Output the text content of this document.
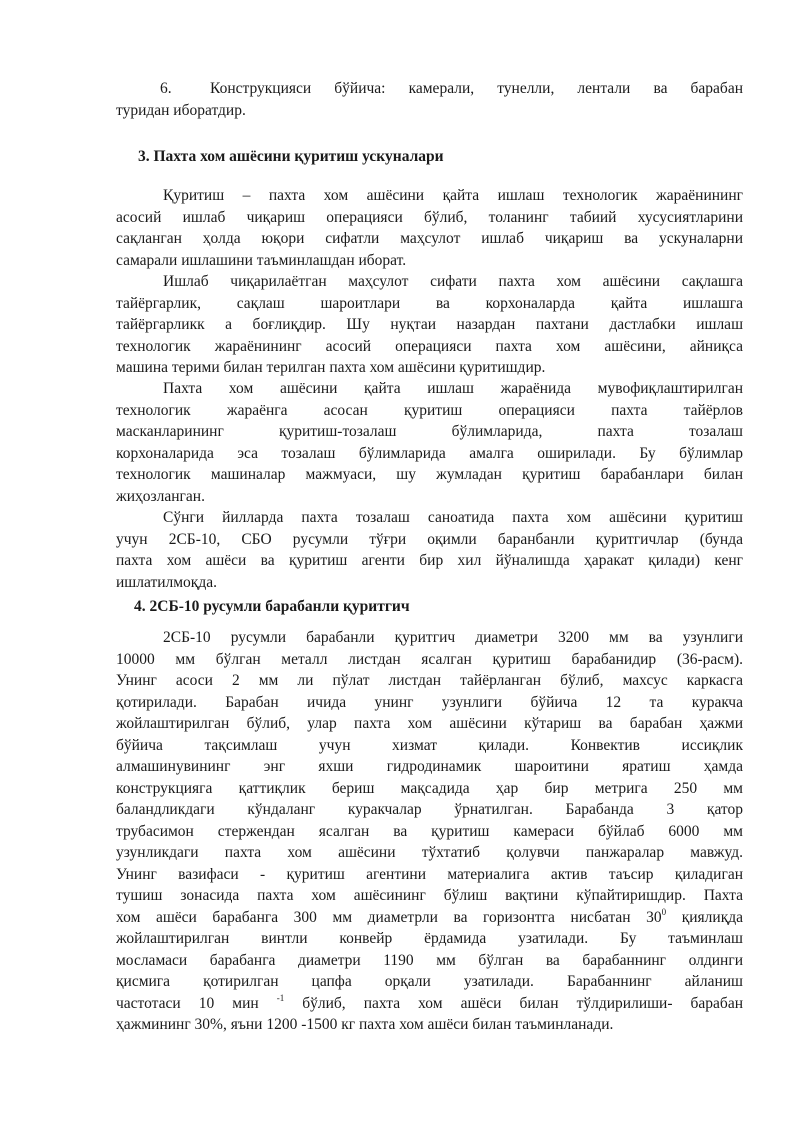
6. Конструкцияси бўйича: камерали, тунелли, лентали ва барабан
туридан иборатдир.
3. Пахта хом ашёсини қуритиш ускуналари
Қуритиш – пахта хом ашёсини қайта ишлаш технологик жараёнининг
асосий ишлаб чиқариш операцияси бўлиб, толанинг табиий хусусиятларини
сақланган ҳолда юқори сифатли маҳсулот ишлаб чиқариш ва ускуналарни
самарали ишлашини таъминлашдан иборат.
Ишлаб чиқарилаётган маҳсулот сифати пахта хом ашёсини сақлашга
тайёргарлик, сақлаш шароитлари ва корхоналарда қайта ишлашга
тайёргарликк а боғлиқдир. Шу нуқтаи назардан пахтани дастлабки ишлаш
технологик жараёнининг асосий операцияси пахта хом ашёсини, айниқса
машина терими билан терилган пахта хом ашёсини қуритишдир.
Пахта хом ашёсини қайта ишлаш жараёнида мувофиқлаштирилган
технологик жараёнга асосан қуритиш операцияси пахта тайёрлов
масканларининг қуритиш-тозалаш бўлимларида, пахта тозалаш
корхоналарида эса тозалаш бўлимларида амалга оширилади. Бу бўлимлар
технологик машиналар мажмуаси, шу жумладан қуритиш барабанлари билан
жиҳозланган.
Сўнги йилларда пахта тозалаш саноатида пахта хом ашёсини қуритиш
учун 2СБ-10, СБО русумли тўғри оқимли баранбанли қуритгичлар (бунда
пахта хом ашёси ва қуритиш агенти бир хил йўналишда ҳаракат қилади) кенг
ишлатилмоқда.
4. 2СБ-10 русумли барабанли қуритгич
2СБ-10 русумли барабанли қуритгич диаметри 3200 мм ва узунлиги
10000 мм бўлган металл листдан ясалган қуритиш барабанидир (36-расм).
Унинг асоси 2 мм ли пўлат листдан тайёрланган бўлиб, махсус каркасга
қотирилади. Барабан ичида унинг узунлиги бўйича 12 та куракча
жойлаштирилган бўлиб, улар пахта хом ашёсини кўтариш ва барабан ҳажми
бўйича тақсимлаш учун хизмат қилади. Конвектив иссиқлик
алмашинувининг энг яхши гидродинамик шароитини яратиш ҳамда
конструкцияга қаттиқлик бериш мақсадида ҳар бир метрига 250 мм
баландликдаги кўндаланг куракчалар ўрнатилган. Барабанда 3 қатор
трубасимон стержендан ясалган ва қуритиш камераси бўйлаб 6000 мм
узунликдаги пахта хом ашёсини тўхтатиб қолувчи панжаралар мавжуд.
Унинг вазифаси - қуритиш агентини материалига актив таъсир қиладиган
тушиш зонасида пахта хом ашёсининг бўлиш вақтини кўпайтиришдир. Пахта
хом ашёси барабанга 300 мм диаметрли ва горизонтга нисбатан $30^0$ қиялиқда
жойлаштирилган винтли конвейр ёрдамида узатилади. Бу таъминлаш
мосламаси барабанга диаметри 1190 мм бўлган ва барабаннинг олдинги
қисмига қотирилган цапфа орқали узатилади. Барабаннинг айланиш
частотаси 10 мин $^{-1}$ бўлиб, пахта хом ашёси билан тўлдирилиши- барабан
ҳажмининг 30%, яъни 1200 -1500 кг пахта хом ашёси билан таъминланади.
